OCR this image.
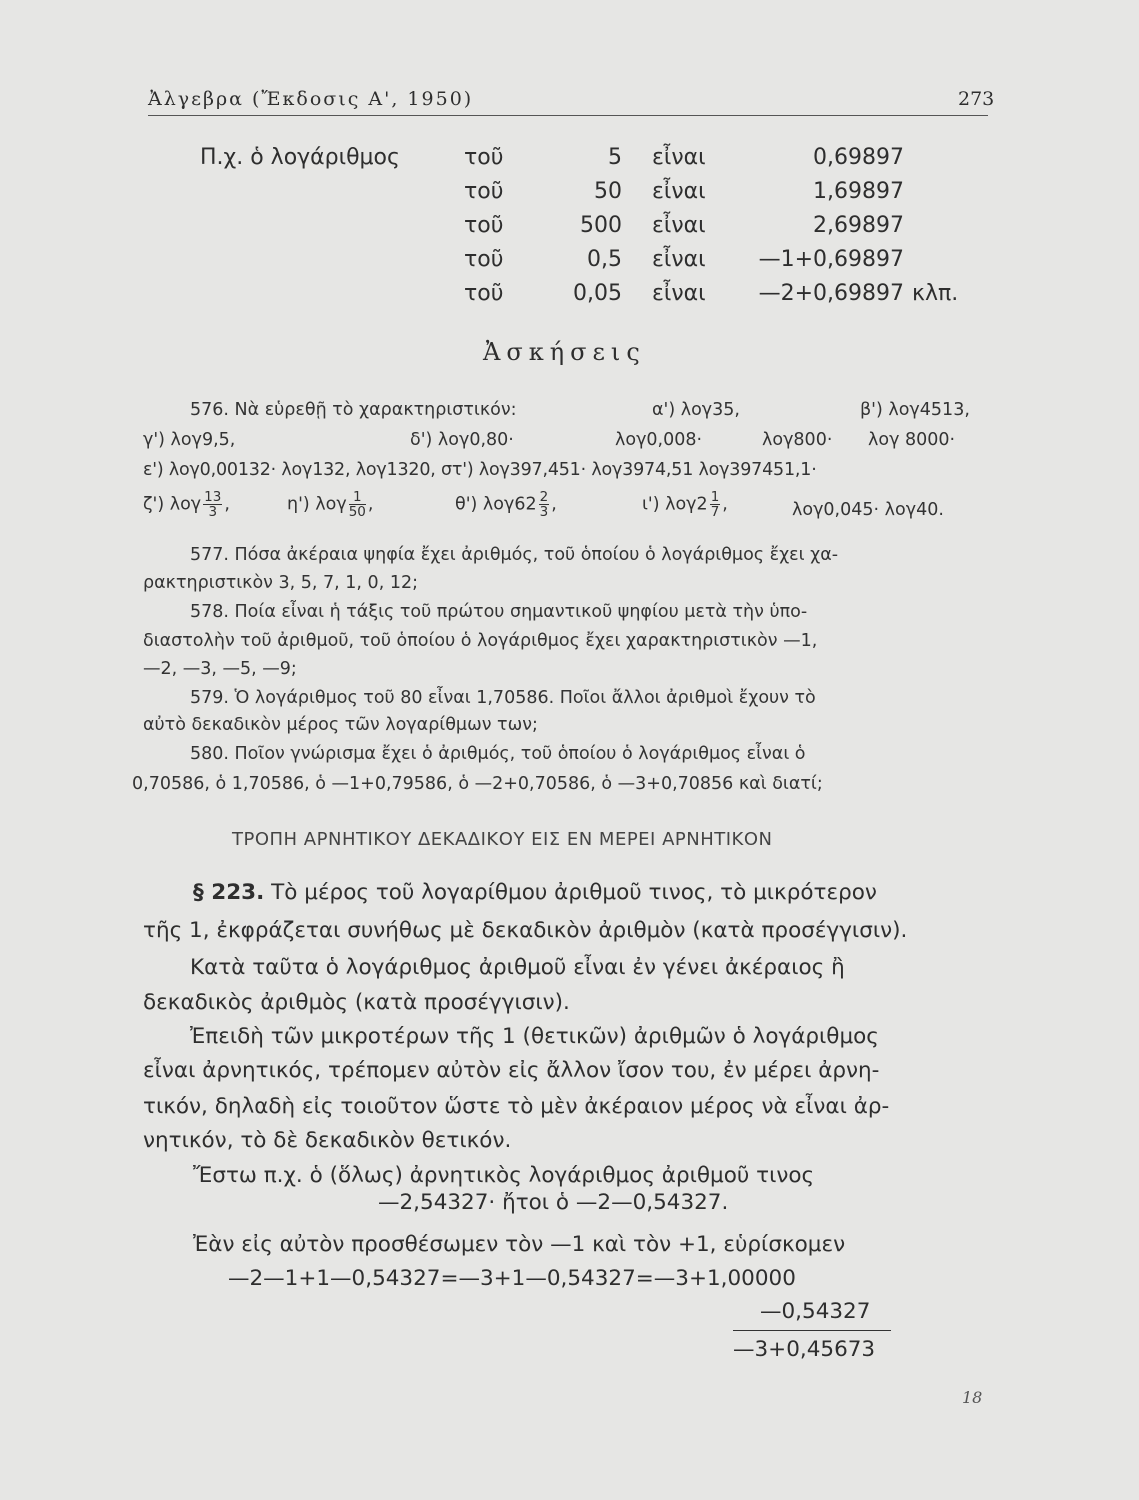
Ἀλγεβρα (Ἔκδοσις Α', 1950)	273
Π.χ. ὁ λογάριθμος	τοῦ	5 εἶναι	0,69897
τοῦ	50 εἶναι	1,69897
τοῦ	500 εἶναι	2,69897
τοῦ	0,5 εἶναι	—1+0,69897
τοῦ	0,05 εἶναι	—2+0,69897 κλπ.
Ἀσκήσεις
576. Νὰ εὑρεθῇ τὸ χαρακτηριστικόν:	α') λογ35,	β') λογ4513,
γ') λογ9,5,	δ') λογ0,80·	λογ0,008·	λογ800· λογ 8000·
ε') λογ0,00132· λογ132, λογ1320, στ') λογ397,451· λογ3974,51 λογ397451,1·
ζ') λογ $\frac{13}{3}$ ,	η') λογ $\frac{1}{50}$ ,	θ') $\lambda o\gamma 62 \frac{2}{3}$ ,	ι') $\lambda o\gamma 2 \frac{1}{7}$ ,	λογ0,045· λογ40.
577. Πόσα ἀκέραια ψηφία ἔχει ἀριθμός, τοῦ ὁποίου ὁ λογάριθμος ἔχει χα-
ρακτηριστικὸν 3, 5, 7, 1, 0, 12;
578. Ποία εἶναι ἡ τάξις τοῦ πρώτου σημαντικοῦ ψηφίου μετὰ τὴν ὑπο-
διαστολὴν τοῦ ἀριθμοῦ, τοῦ ὁποίου ὁ λογάριθμος ἔχει χαρακτηριστικὸν —1,
—2, —3, —5, —9;
579. Ὁ λογάριθμος τοῦ 80 εἶναι 1,70586. Ποῖοι ἄλλοι ἀριθμοὶ ἔχουν τὸ
αὐτὸ δεκαδικὸν μέρος τῶν λογαρίθμων των;
580. Ποῖον γνώρισμα ἔχει ὁ ἀριθμός, τοῦ ὁποίου ὁ λογάριθμος εἶναι ὁ
0,70586, ὁ 1,70586, ὁ —1+0,79586, ὁ —2+0,70586, ὁ —3+0,70856 καὶ διατί;
ΤΡΟΠΗ ΑΡΝΗΤΙΚΟΥ ΔΕΚΑΔΙΚΟΥ ΕΙΣ ΕΝ ΜΕΡΕΙ ΑΡΝΗΤΙΚΟΝ
§ 223. Τὸ μέρος τοῦ λογαρίθμου ἀριθμοῦ τινος, τὸ μικρότερον
τῆς 1, ἐκφράζεται συνήθως μὲ δεκαδικὸν ἀριθμὸν (κατὰ προσέγγισιν).
Κατὰ ταῦτα ὁ λογάριθμος ἀριθμοῦ εἶναι ἐν γένει ἀκέραιος ἢ
δεκαδικὸς ἀριθμὸς (κατὰ προσέγγισιν).
Ἐπειδὴ τῶν μικροτέρων τῆς 1 (θετικῶν) ἀριθμῶν ὁ λογάριθμος
εἶναι ἀρνητικός, τρέπομεν αὐτὸν εἰς ἄλλον ἴσον του, ἐν μέρει ἀρνη-
τικόν, δηλαδὴ εἰς τοιοῦτον ὥστε τὸ μὲν ἀκέραιον μέρος νὰ εἶναι ἀρ-
νητικόν, τὸ δὲ δεκαδικὸν θετικόν.
Ἔστω π.χ. ὁ (ὅλως) ἀρνητικὸς λογάριθμος ἀριθμοῦ τινος
—2,54327· ἤτοι ὁ —2—0,54327.
Ἐὰν εἰς αὐτὸν προσθέσωμεν τὸν —1 καὶ τὸν +1, εὑρίσκομεν
—2—1+1—0,54327=—3+1—0,54327=—3+1,00000
—0,54327
—3+0,45673
18
